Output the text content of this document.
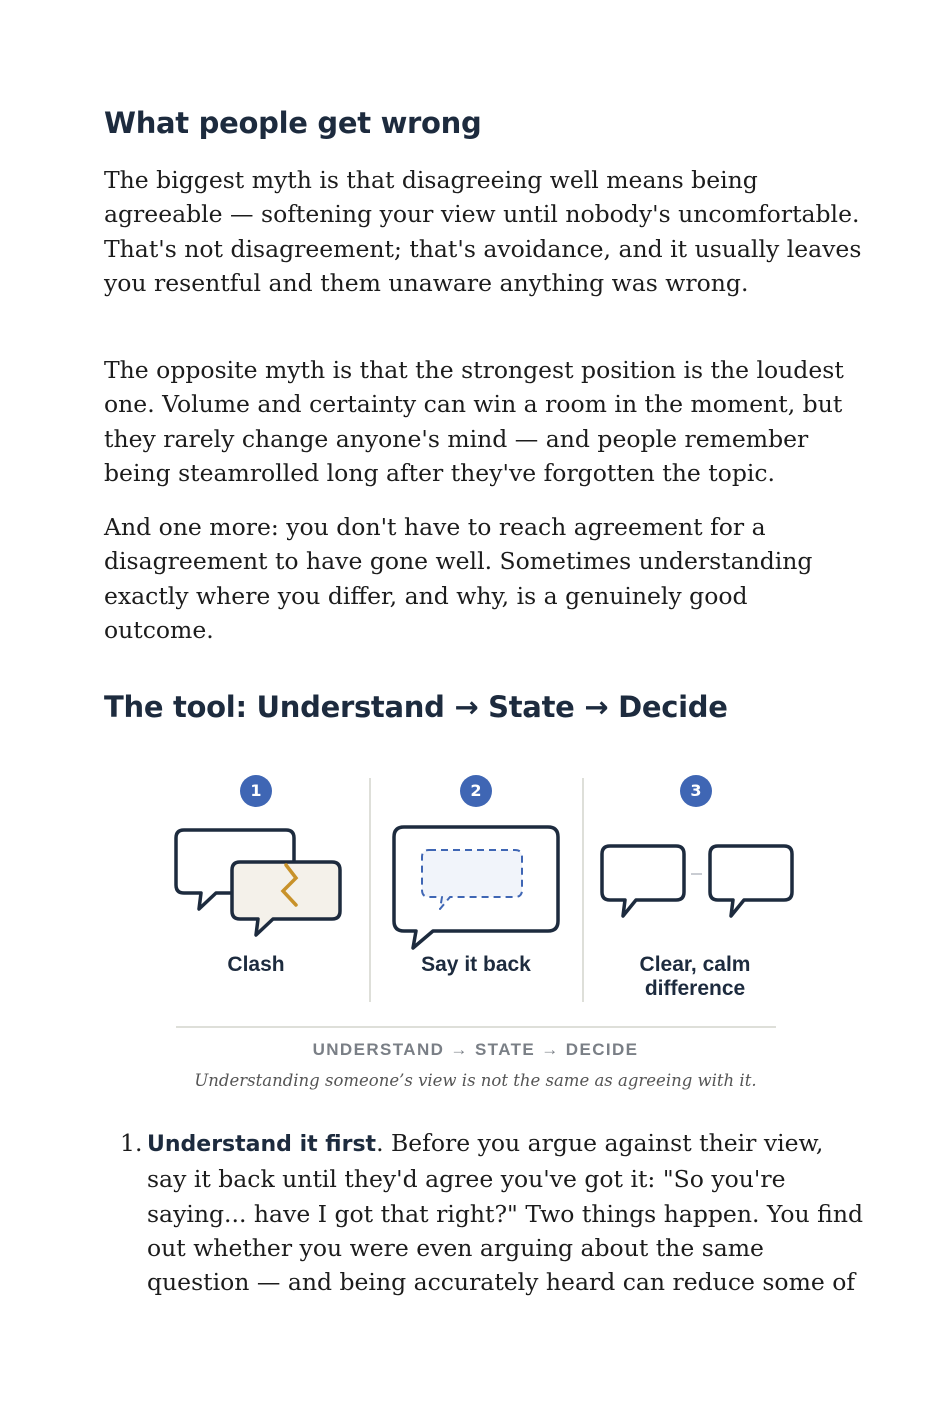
What people get wrong

The biggest myth is that disagreeing well means being agreeable — softening your view until nobody's uncomfortable. That's not disagreement; that's avoidance, and it usually leaves you resentful and them unaware anything was wrong.

The opposite myth is that the strongest position is the loudest one. Volume and certainty can win a room in the moment, but they rarely change anyone's mind — and people remember being steamrolled long after they've forgotten the topic.

And one more: you don't have to reach agreement for a disagreement to have gone well. Sometimes understanding exactly where you differ, and why, is a genuinely good outcome.

The tool: Understand → State → Decide
1	2	3
Clash	Say it back	Clear, calm difference
UNDERSTAND → STATE → DECIDE
Understanding someone’s view is not the same as agreeing with it.
1. Understand it first. Before you argue against their view, say it back until they'd agree you've got it: "So you're saying... have I got that right?" Two things happen. You find out whether you were even arguing about the same question — and being accurately heard can reduce some of
